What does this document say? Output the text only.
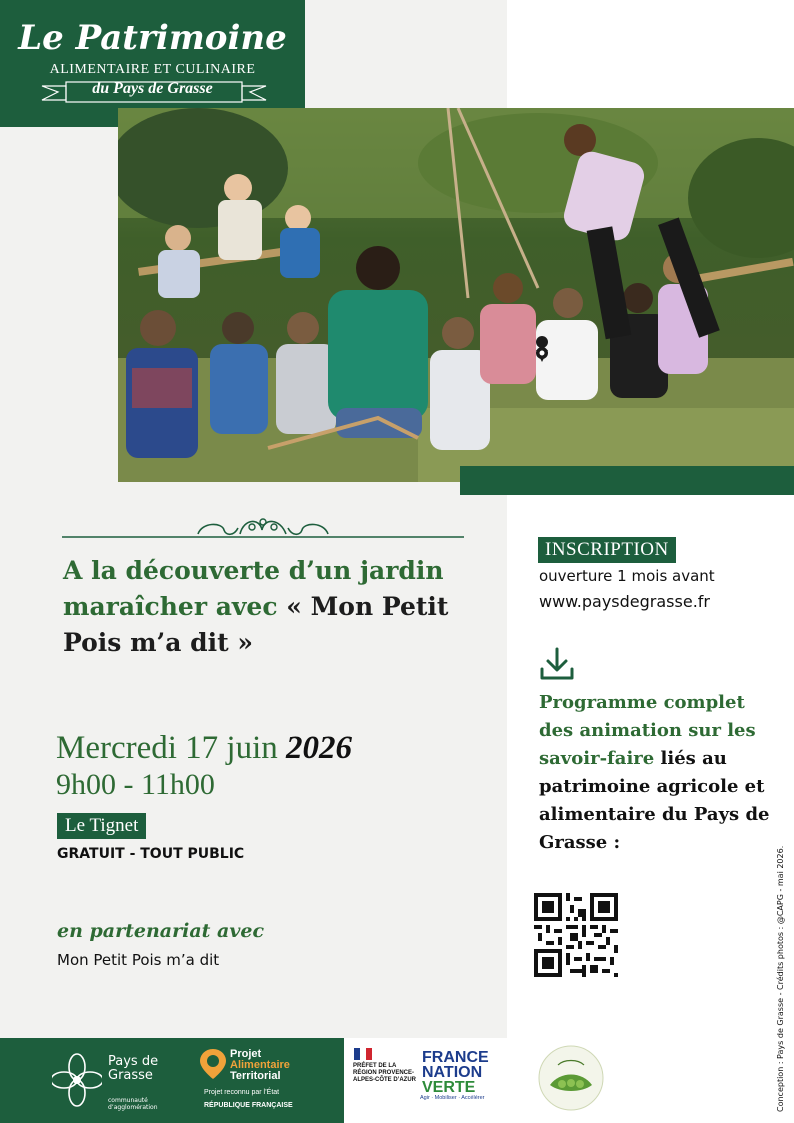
Le Patrimoine
ALIMENTAIRE ET CULINAIRE
du Pays de Grasse
A la découverte d’un jardin maraîcher avec « Mon Petit Pois m’a dit »
Mercredi 17 juin 2026
9h00 - 11h00
Le Tignet
GRATUIT - TOUT PUBLIC
en partenariat avec
Mon Petit Pois m’a dit
INSCRIPTION
ouverture 1 mois avant
www.paysdegrasse.fr
Programme complet des animation sur les savoir-faire liés au patrimoine agricole et alimentaire du Pays de Grasse :
Conception : Pays de Grasse - Crédits photos : @CAPG - mai 2026.
Pays de Grasse
communauté d’agglomération
Projet
Alimentaire
Territorial
Projet reconnu par l’État
RÉPUBLIQUE FRANÇAISE
PRÉFET DE LA RÉGION PROVENCE-ALPES-CÔTE D’AZUR
FRANCE
NATION
VERTE
Agir · Mobiliser · Accélérer
